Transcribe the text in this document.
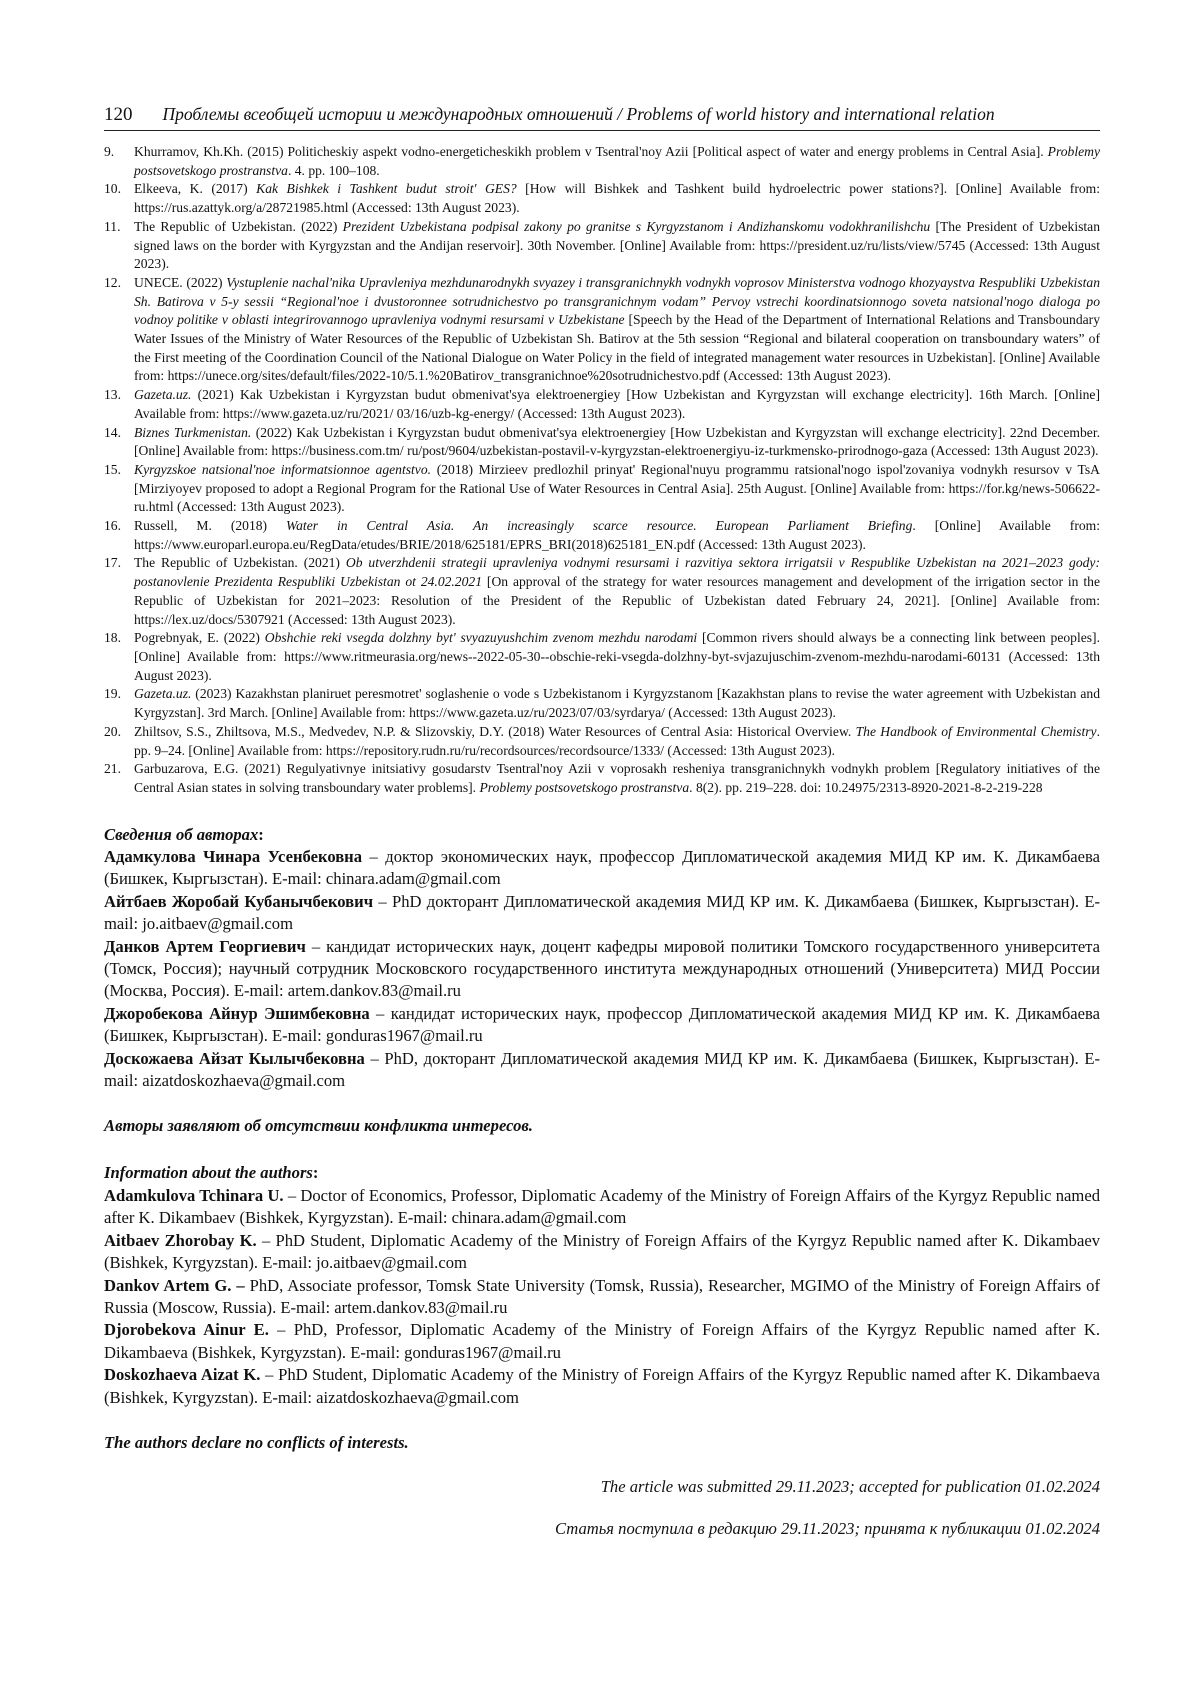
120 Проблемы всеобщей истории и международных отношений / Problems of world history and international relation
9.	Khurramov, Kh.Kh. (2015) Politicheskiy aspekt vodno-energeticheskikh problem v Tsentral'noy Azii [Political aspect of water and energy problems in Central Asia]. Problemy postsovetskogo prostranstva. 4. pp. 100–108.
10. Elkeeva, K. (2017) Kak Bishkek i Tashkent budut stroit' GES? [How will Bishkek and Tashkent build hydroelectric power stations?]. [Online] Available from: https://rus.azattyk.org/a/28721985.html (Accessed: 13th August 2023).
11. The Republic of Uzbekistan. (2022) Prezident Uzbekistana podpisal zakony po granitse s Kyrgyzstanom i Andizhanskomu vodokhranilishchu [The President of Uzbekistan signed laws on the border with Kyrgyzstan and the Andijan reservoir]. 30th November. [Online] Available from: https://president.uz/ru/lists/view/5745 (Accessed: 13th August 2023).
12. UNECE. (2022) Vystuplenie nachal'nika Upravleniya mezhdunarodnykh svyazey i transgranichnykh vodnykh voprosov Ministerstva vodnogo khozyaystva Respubliki Uzbekistan Sh. Batirova v 5-y sessii “Regional'noe i dvustoronnee sotrudnichestvo po transgranichnym vodam” Pervoy vstrechi koordinatsionnogo soveta natsional'nogo dialoga po vodnoy politike v oblasti integrirovannogo upravleniya vodnymi resursami v Uzbekistane [Speech by the Head of the Department of International Relations and Transboundary Water Issues of the Ministry of Water Resources of the Republic of Uzbekistan Sh. Batirov at the 5th session “Regional and bilateral cooperation on transboundary waters” of the First meeting of the Coordination Council of the National Dialogue on Water Policy in the field of integrated management water resources in Uzbekistan]. [Online] Available from: https://unece.org/sites/default/files/2022-10/5.1.%20Batirov_transgranichnoe%20sotrudnichestvo.pdf (Accessed: 13th August 2023).
13. Gazeta.uz. (2021) Kak Uzbekistan i Kyrgyzstan budut obmenivat'sya elektroenergiey [How Uzbekistan and Kyrgyzstan will exchange electricity]. 16th March. [Online] Available from: https://www.gazeta.uz/ru/2021/ 03/16/uzb-kg-energy/ (Accessed: 13th August 2023).
14. Biznes Turkmenistan. (2022) Kak Uzbekistan i Kyrgyzstan budut obmenivat'sya elektroenergiey [How Uzbekistan and Kyrgyzstan will exchange electricity]. 22nd December. [Online] Available from: https://business.com.tm/ ru/post/9604/uzbekistan-postavil-v-kyrgyzstan-elektroenergiyu-iz-turkmensko-prirodnogo-gaza (Accessed: 13th August 2023).
15. Kyrgyzskoe natsional'noe informatsionnoe agentstvo. (2018) Mirzieev predlozhil prinyat' Regional'nuyu programmu ratsional'nogo ispol'zovaniya vodnykh resursov v TsA [Mirziyoyev proposed to adopt a Regional Program for the Rational Use of Water Resources in Central Asia]. 25th August. [Online] Available from: https://for.kg/news-506622-ru.html (Accessed: 13th August 2023).
16. Russell, M. (2018) Water in Central Asia. An increasingly scarce resource. European Parliament Briefing. [Online] Available from: https://www.europarl.europa.eu/RegData/etudes/BRIE/2018/625181/EPRS_BRI(2018)625181_EN.pdf (Accessed: 13th August 2023).
17. The Republic of Uzbekistan. (2021) Ob utverzhdenii strategii upravleniya vodnymi resursami i razvitiya sektora irrigatsii v Respublike Uzbekistan na 2021–2023 gody: postanovlenie Prezidenta Respubliki Uzbekistan ot 24.02.2021 [On approval of the strategy for water resources management and development of the irrigation sector in the Republic of Uzbekistan for 2021–2023: Resolution of the President of the Republic of Uzbekistan dated February 24, 2021]. [Online] Available from: https://lex.uz/docs/5307921 (Accessed: 13th August 2023).
18. Pogrebnyak, E. (2022) Obshchie reki vsegda dolzhny byt' svyazuyushchim zvenom mezhdu narodami [Common rivers should always be a connecting link between peoples]. [Online] Available from: https://www.ritmeurasia.org/news--2022-05-30--obschie-reki-vsegda-dolzhny-byt-svjazujuschim-zvenom-mezhdu-narodami-60131 (Accessed: 13th August 2023).
19. Gazeta.uz. (2023) Kazakhstan planiruet peresmotret' soglashenie o vode s Uzbekistanom i Kyrgyzstanom [Kazakhstan plans to revise the water agreement with Uzbekistan and Kyrgyzstan]. 3rd March. [Online] Available from: https://www.gazeta.uz/ru/2023/07/03/syrdarya/ (Accessed: 13th August 2023).
20. Zhiltsov, S.S., Zhiltsova, M.S., Medvedev, N.P. & Slizovskiy, D.Y. (2018) Water Resources of Central Asia: Historical Overview. The Handbook of Environmental Chemistry. pp. 9–24. [Online] Available from: https://repository.rudn.ru/ru/recordsources/recordsource/1333/ (Accessed: 13th August 2023).
21. Garbuzarova, E.G. (2021) Regulyativnye initsiativy gosudarstv Tsentral'noy Azii v voprosakh resheniya transgranichnykh vodnykh problem [Regulatory initiatives of the Central Asian states in solving transboundary water problems]. Problemy postsovetskogo prostranstva. 8(2). pp. 219–228. doi: 10.24975/2313-8920-2021-8-2-219-228
Сведения об авторах:
Адамкулова Чинара Усенбековна – доктор экономических наук, профессор Дипломатической академия МИД КР им. К. Дикамбаева (Бишкек, Кыргызстан). E-mail: chinara.adam@gmail.com
Айтбаев Жоробай Кубанычбекович – PhD докторант Дипломатической академия МИД КР им. К. Дикамбаева (Бишкек, Кыргызстан). E-mail: jo.aitbaev@gmail.com
Данков Артем Георгиевич – кандидат исторических наук, доцент кафедры мировой политики Томского государственного университета (Томск, Россия); научный сотрудник Московского государственного института международных отношений (Университета) МИД России (Москва, Россия). E-mail: artem.dankov.83@mail.ru
Джоробекова Айнур Эшимбековна – кандидат исторических наук, профессор Дипломатической академия МИД КР им. К. Дикамбаева (Бишкек, Кыргызстан). E-mail: gonduras1967@mail.ru
Доскожаева Айзат Кылычбековна – PhD, докторант Дипломатической академия МИД КР им. К. Дикамбаева (Бишкек, Кыргызстан). E-mail: aizatdoskozhaeva@gmail.com
Авторы заявляют об отсутствии конфликта интересов.
Information about the authors:
Adamkulova Tchinara U. – Doctor of Economics, Professor, Diplomatic Academy of the Ministry of Foreign Affairs of the Kyrgyz Republic named after K. Dikambaev (Bishkek, Kyrgyzstan). E-mail: chinara.adam@gmail.com
Aitbaev Zhorobay K. – PhD Student, Diplomatic Academy of the Ministry of Foreign Affairs of the Kyrgyz Republic named after K. Dikambaev (Bishkek, Kyrgyzstan). E-mail: jo.aitbaev@gmail.com
Dankov Artem G. – PhD, Associate professor, Tomsk State University (Tomsk, Russia), Researcher, MGIMO of the Ministry of Foreign Affairs of Russia (Moscow, Russia). E-mail: artem.dankov.83@mail.ru
Djorobekova Ainur E. – PhD, Professor, Diplomatic Academy of the Ministry of Foreign Affairs of the Kyrgyz Republic named after K. Dikambaeva (Bishkek, Kyrgyzstan). E-mail: gonduras1967@mail.ru
Doskozhaeva Aizat K. – PhD Student, Diplomatic Academy of the Ministry of Foreign Affairs of the Kyrgyz Republic named after K. Dikambaeva (Bishkek, Kyrgyzstan). E-mail: aizatdoskozhaeva@gmail.com
The authors declare no conflicts of interests.
The article was submitted 29.11.2023; accepted for publication 01.02.2024
Статья поступила в редакцию 29.11.2023; принята к публикации 01.02.2024
